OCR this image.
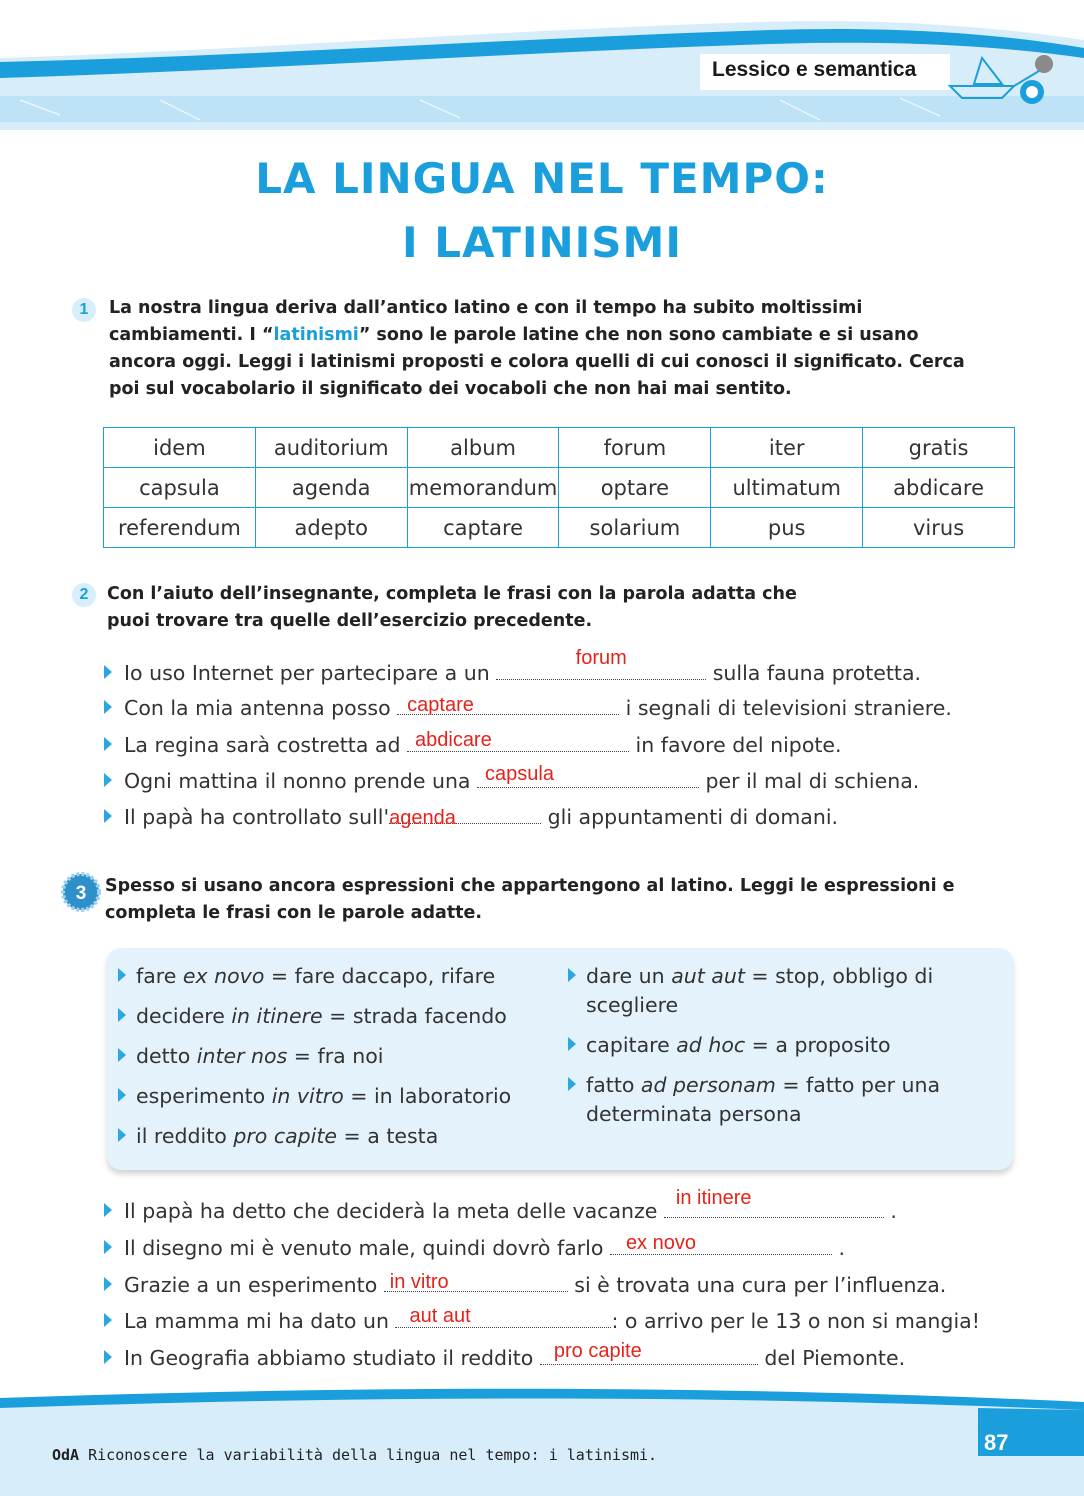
Lessico e semantica
LA LINGUA NEL TEMPO:
I LATINISMI
1	La nostra lingua deriva dall’antico latino e con il tempo ha subito moltissimi cambiamenti. I “latinismi” sono le parole latine che non sono cambiate e si usano ancora oggi. Leggi i latinismi proposti e colora quelli di cui conosci il significato. Cerca poi sul vocabolario il significato dei vocaboli che non hai mai sentito.
idem	auditorium	album	forum	iter	gratis
capsula	agenda	memorandum	optare	ultimatum	abdicare
referendum	adepto	captare	solarium	pus	virus
2	Con l’aiuto dell’insegnante, completa le frasi con la parola adatta che puoi trovare tra quelle dell’esercizio precedente.
Io uso Internet per partecipare a un
forum
sulla fauna protetta.
Con la mia antenna posso captare	i segnali di televisioni straniere.
La regina sarà costretta ad abdicare	in favore del nipote.
Ogni mattina il nonno prende una capsula	per il mal di schiena.
Il papà ha controllato sull' agenda	gli appuntamenti di domani.
3 Spesso si usano ancora espressioni che appartengono al latino. Leggi le espressioni e completa le frasi con le parole adatte.
fare ex novo = fare daccapo, rifare
decidere in itinere = strada facendo
detto inter nos = fra noi
esperimento in vitro = in laboratorio
il reddito pro capite = a testa
dare un aut aut = stop, obbligo di
scegliere
capitare ad hoc = a proposito
fatto ad personam = fatto per una
determinata persona
Il papà ha detto che deciderà la meta delle vacanze
in itinere
.
Il disegno mi è venuto male, quindi dovrò farlo ex novo	.
Grazie a un esperimento in vitro	si è trovata una cura per l’influenza.
La mamma mi ha dato un aut aut	: o arrivo per le 13 o non si mangia!
In Geografia abbiamo studiato il reddito pro capite	del Piemonte.
OdA Riconoscere la variabilità della lingua nel tempo: i latinismi.	87
